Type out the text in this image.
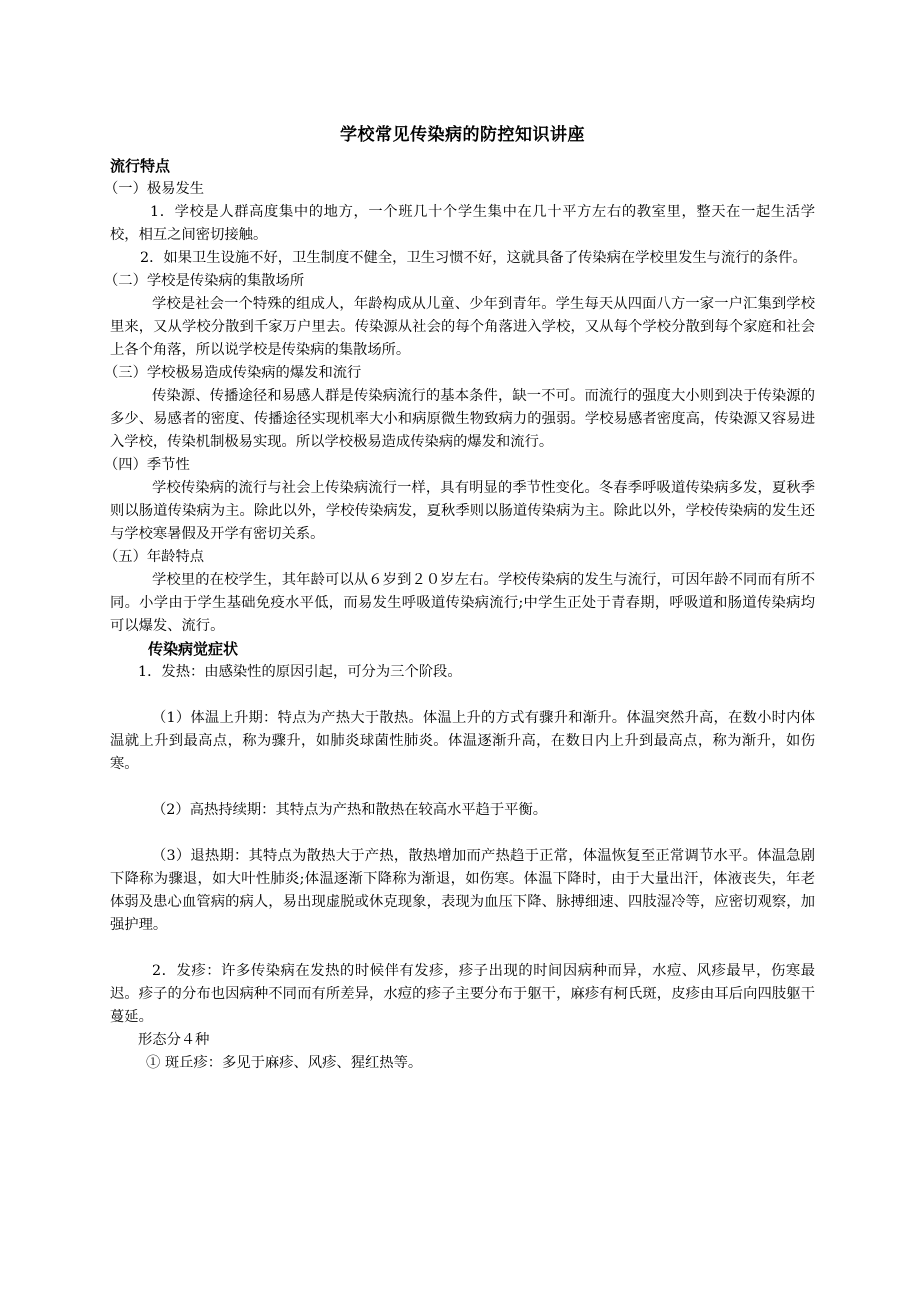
学校常见传染病的防控知识讲座
流行特点
（一）极易发生

1．学校是人群高度集中的地方，一个班几十个学生集中在几十平方左右的教室里，整天在一起生活学校，相互之间密切接触。

2．如果卫生设施不好，卫生制度不健全，卫生习惯不好，这就具备了传染病在学校里发生与流行的条件。

（二）学校是传染病的集散场所

学校是社会一个特殊的组成人，年龄构成从儿童、少年到青年。学生每天从四面八方一家一户汇集到学校里来，又从学校分散到千家万户里去。传染源从社会的每个角落进入学校，又从每个学校分散到每个家庭和社会上各个角落，所以说学校是传染病的集散场所。

（三）学校极易造成传染病的爆发和流行

传染源、传播途径和易感人群是传染病流行的基本条件，缺一不可。而流行的强度大小则到决于传染源的多少、易感者的密度、传播途径实现机率大小和病原微生物致病力的强弱。学校易感者密度高，传染源又容易进入学校，传染机制极易实现。所以学校极易造成传染病的爆发和流行。

（四）季节性

学校传染病的流行与社会上传染病流行一样，具有明显的季节性变化。冬春季呼吸道传染病多发，夏秋季则以肠道传染病为主。除此以外，学校传染病发，夏秋季则以肠道传染病为主。除此以外，学校传染病的发生还与学校寒暑假及开学有密切关系。

（五）年龄特点

学校里的在校学生，其年龄可以从６岁到２０岁左右。学校传染病的发生与流行，可因年龄不同而有所不同。小学由于学生基础免疫水平低，而易发生呼吸道传染病流行;中学生正处于青春期，呼吸道和肠道传染病均可以爆发、流行。

传染病觉症状

1．发热：由感染性的原因引起，可分为三个阶段。

（1）体温上升期：特点为产热大于散热。体温上升的方式有骤升和渐升。体温突然升高，在数小时内体温就上升到最高点，称为骤升，如肺炎球菌性肺炎。体温逐渐升高，在数日内上升到最高点，称为渐升，如伤寒。

（2）高热持续期：其特点为产热和散热在较高水平趋于平衡。

（3）退热期：其特点为散热大于产热，散热增加而产热趋于正常，体温恢复至正常调节水平。体温急剧下降称为骤退，如大叶性肺炎;体温逐渐下降称为渐退，如伤寒。体温下降时，由于大量出汗，体液丧失，年老体弱及患心血管病的病人，易出现虚脱或休克现象，表现为血压下降、脉搏细速、四肢湿冷等，应密切观察，加强护理。

2．发疹：许多传染病在发热的时候伴有发疹，疹子出现的时间因病种而异，水痘、风疹最早，伤寒最迟。疹子的分布也因病种不同而有所差异，水痘的疹子主要分布于躯干，麻疹有柯氏斑，皮疹由耳后向四肢躯干蔓延。

形态分４种

① 斑丘疹：多见于麻疹、风疹、猩红热等。
